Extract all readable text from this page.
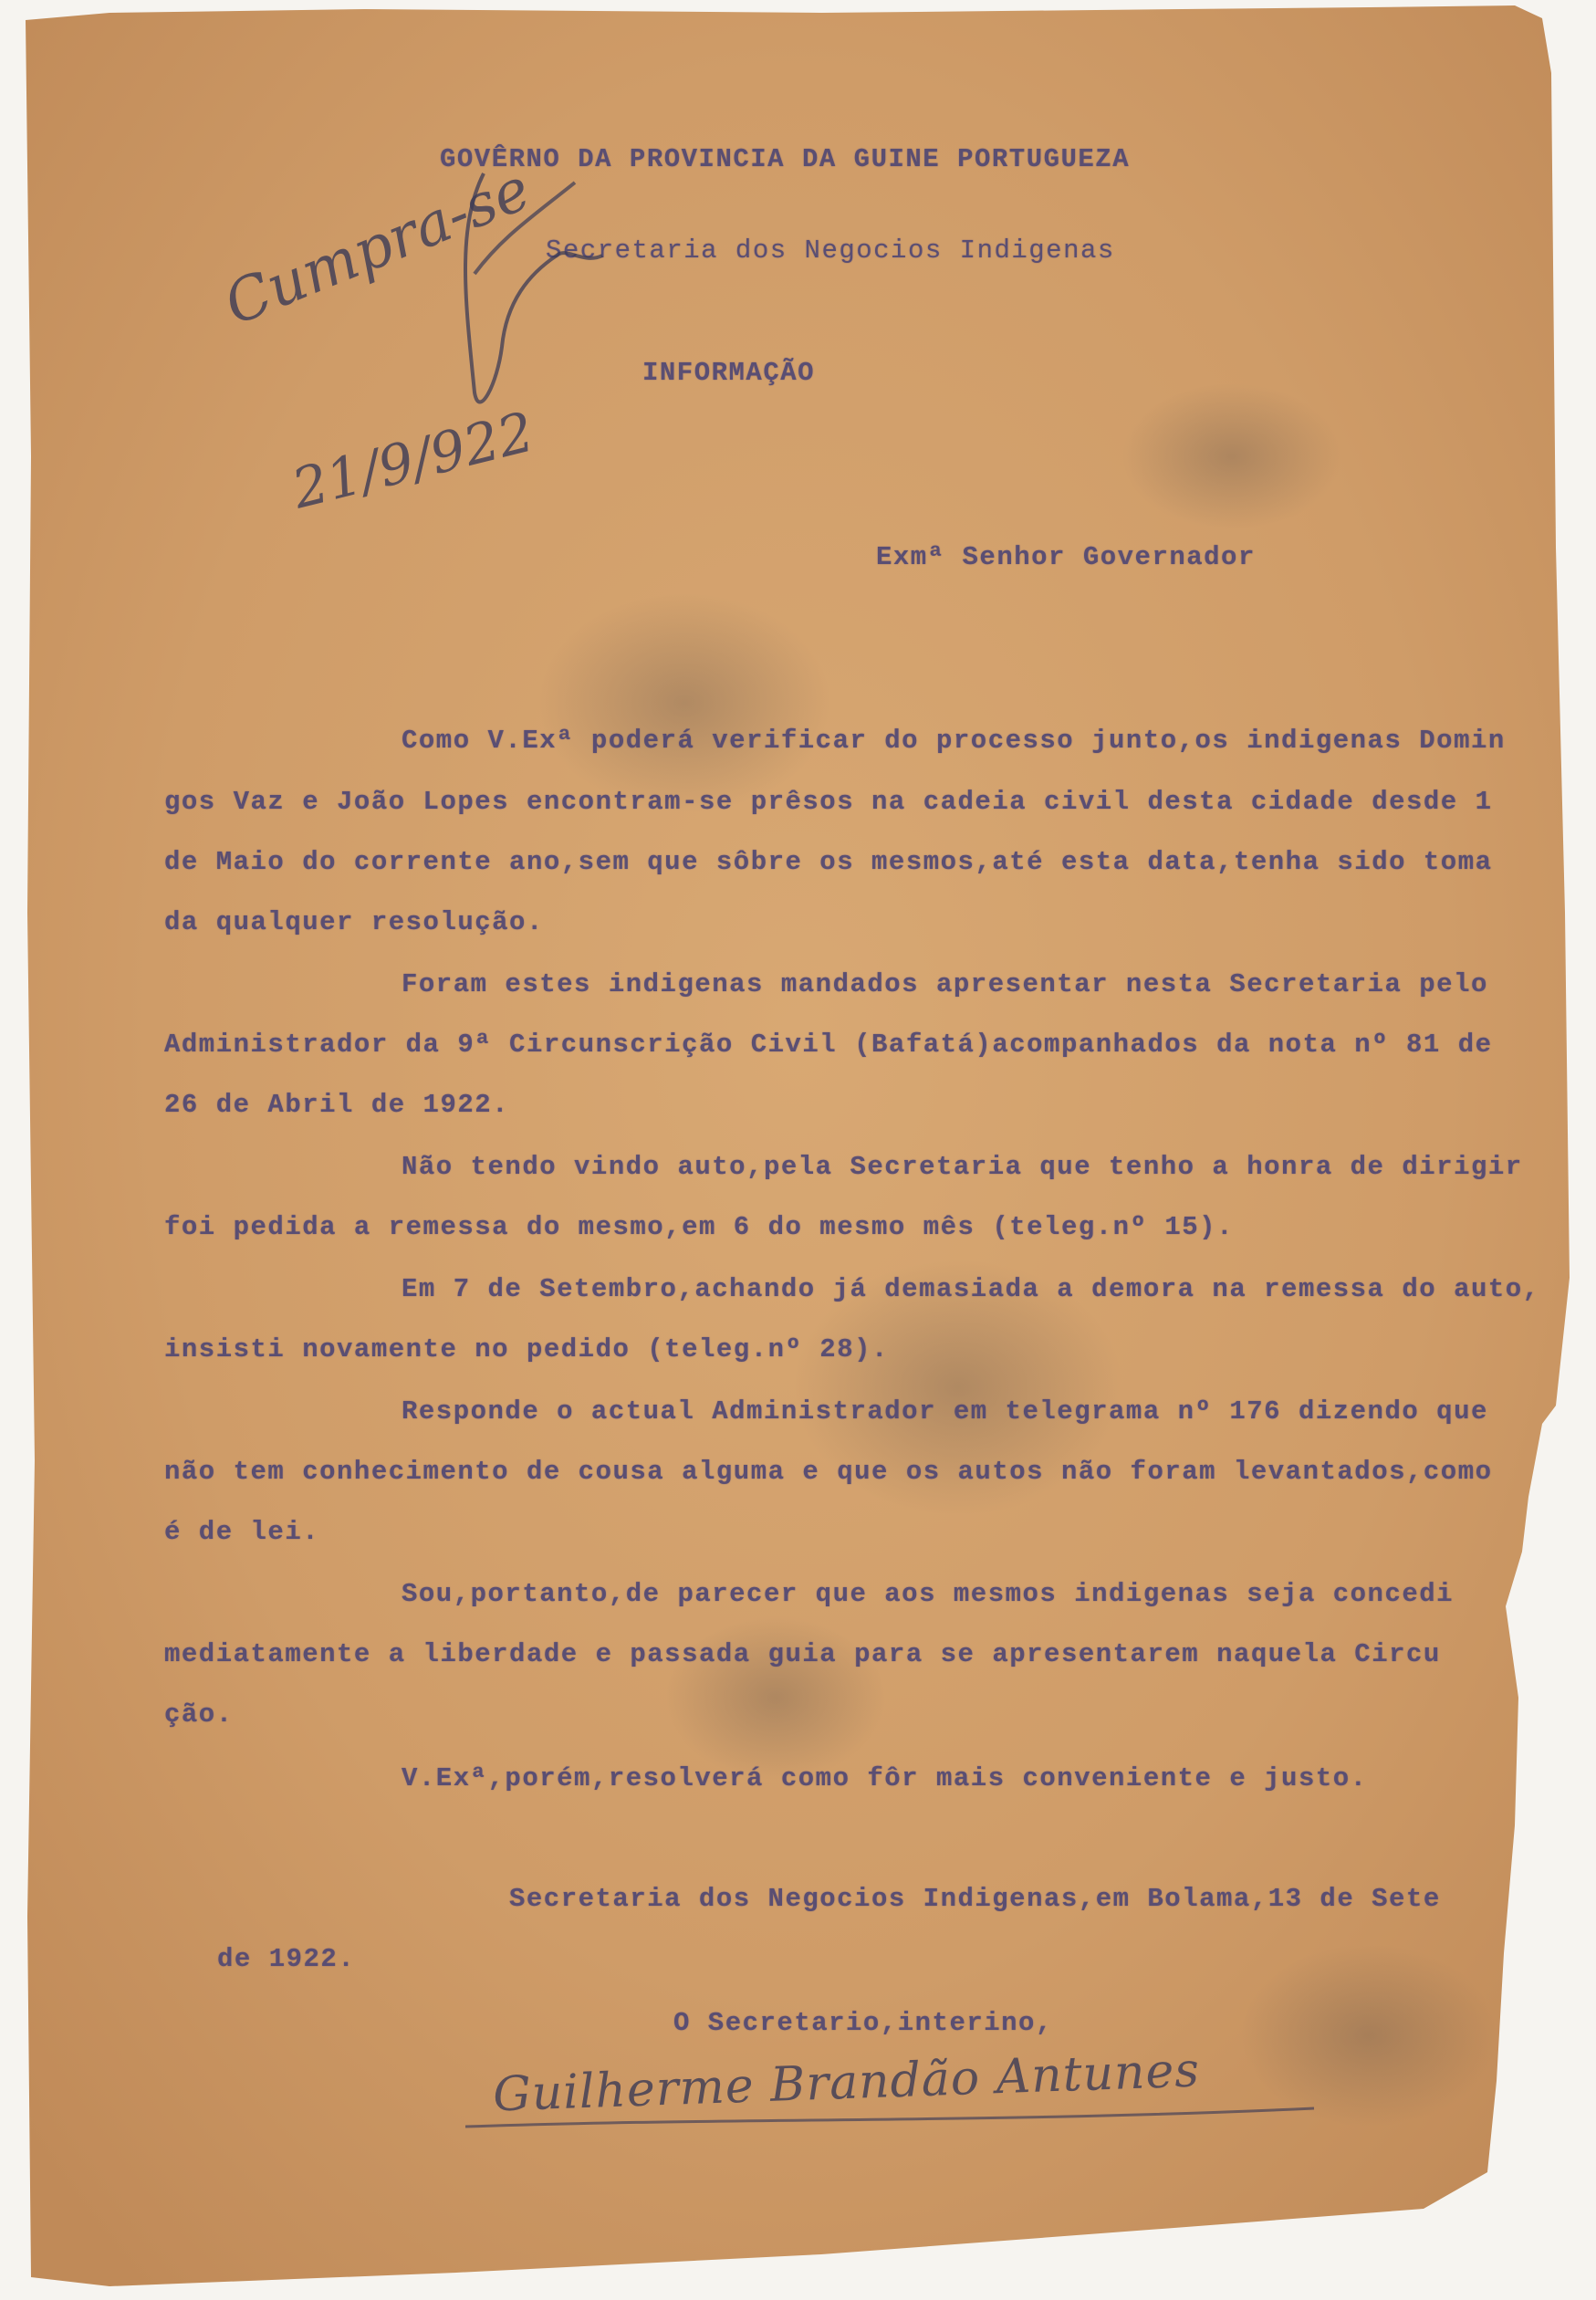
GOVÊRNO DA PROVINCIA DA GUINE PORTUGUEZA
Secretaria dos Negocios Indigenas
INFORMAÇÃO
Cumpra-se
21/9/922
Exmª Senhor Governador
Como V.Exª poderá verificar do processo junto,os indigenas Domin
gos Vaz e João Lopes encontram-se prêsos na cadeia civil desta cidade desde 1
de Maio do corrente ano,sem que sôbre os mesmos,até esta data,tenha sido toma
da qualquer resolução.
Foram estes indigenas mandados apresentar nesta Secretaria pelo
Administrador da 9ª Circunscrição Civil (Bafatá)acompanhados da nota nº 81 de
26 de Abril de 1922.
Não tendo vindo auto,pela Secretaria que tenho a honra de dirigir
foi pedida a remessa do mesmo,em 6 do mesmo mês (teleg.nº 15).
Em 7 de Setembro,achando já demasiada a demora na remessa do auto,
insisti novamente no pedido (teleg.nº 28).
Responde o actual Administrador em telegrama nº 176 dizendo que
não tem conhecimento de cousa alguma e que os autos não foram levantados,como
é de lei.
Sou,portanto,de parecer que aos mesmos indigenas seja concedi
mediatamente a liberdade e passada guia para se apresentarem naquela Circu
ção.
V.Exª,porém,resolverá como fôr mais conveniente e justo.
Secretaria dos Negocios Indigenas,em Bolama,13 de Sete
de 1922.
O Secretario,interino,
Guilherme Brandão Antunes
